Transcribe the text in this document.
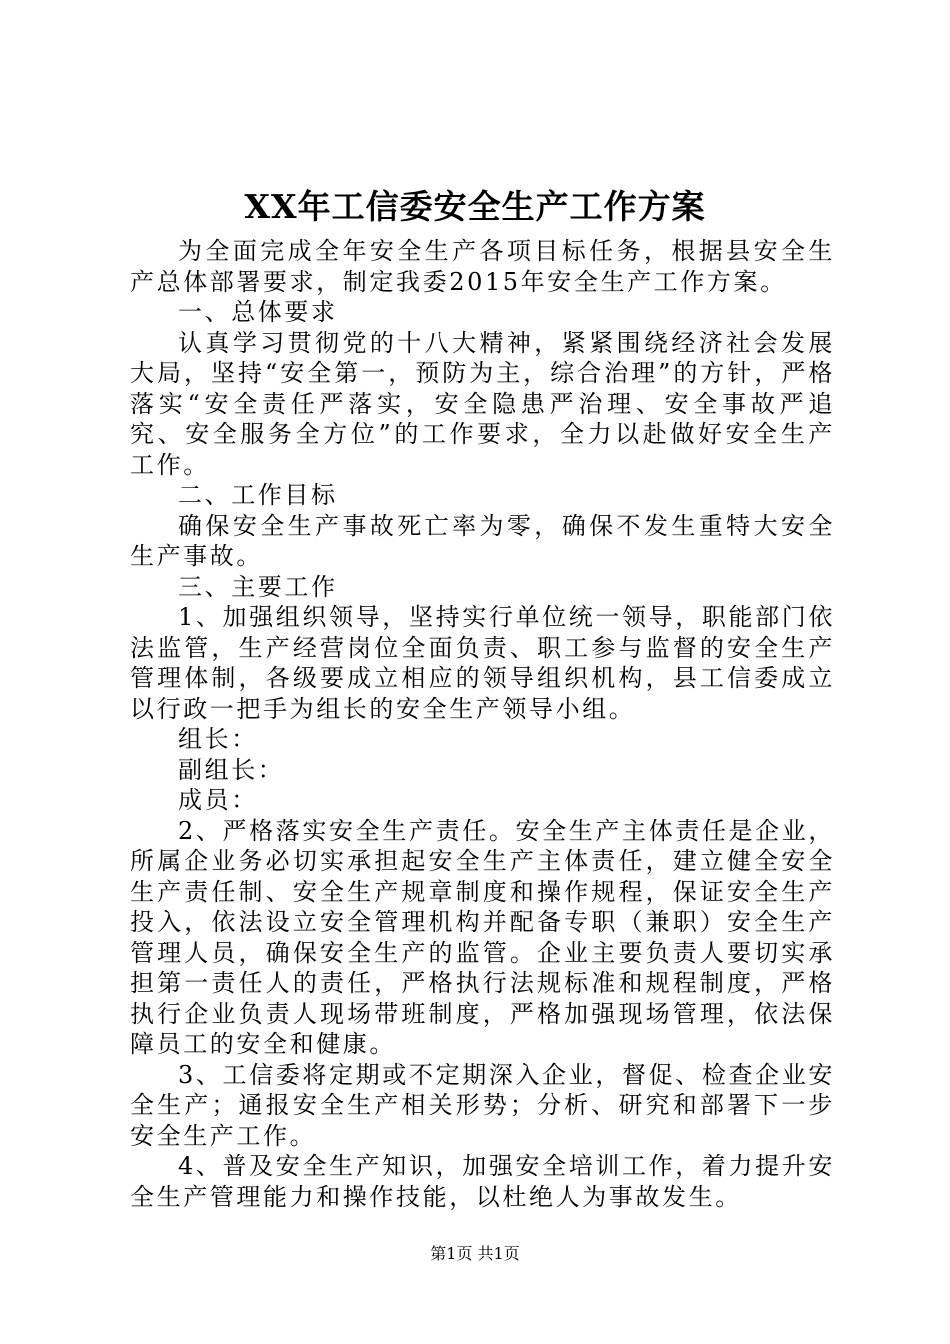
XX年工信委安全生产工作方案

为全面完成全年安全生产各项目标任务，根据县安全生产总体部署要求，制定我委2015年安全生产工作方案。

一、总体要求

认真学习贯彻党的十八大精神，紧紧围绕经济社会发展大局，坚持“安全第一，预防为主，综合治理”的方针，严格落实“安全责任严落实，安全隐患严治理、安全事故严追究、安全服务全方位”的工作要求，全力以赴做好安全生产工作。

二、工作目标

确保安全生产事故死亡率为零，确保不发生重特大安全生产事故。

三、主要工作

1、加强组织领导，坚持实行单位统一领导，职能部门依法监管，生产经营岗位全面负责、职工参与监督的安全生产管理体制，各级要成立相应的领导组织机构，县工信委成立以行政一把手为组长的安全生产领导小组。

组长：

副组长：

成员：

2、严格落实安全生产责任。安全生产主体责任是企业，所属企业务必切实承担起安全生产主体责任，建立健全安全生产责任制、安全生产规章制度和操作规程，保证安全生产投入，依法设立安全管理机构并配备专职（兼职）安全生产管理人员，确保安全生产的监管。企业主要负责人要切实承担第一责任人的责任，严格执行法规标准和规程制度，严格执行企业负责人现场带班制度，严格加强现场管理，依法保障员工的安全和健康。

3、工信委将定期或不定期深入企业，督促、检查企业安全生产；通报安全生产相关形势；分析、研究和部署下一步安全生产工作。

4、普及安全生产知识，加强安全培训工作，着力提升安全生产管理能力和操作技能，以杜绝人为事故发生。

第1页 共1页
